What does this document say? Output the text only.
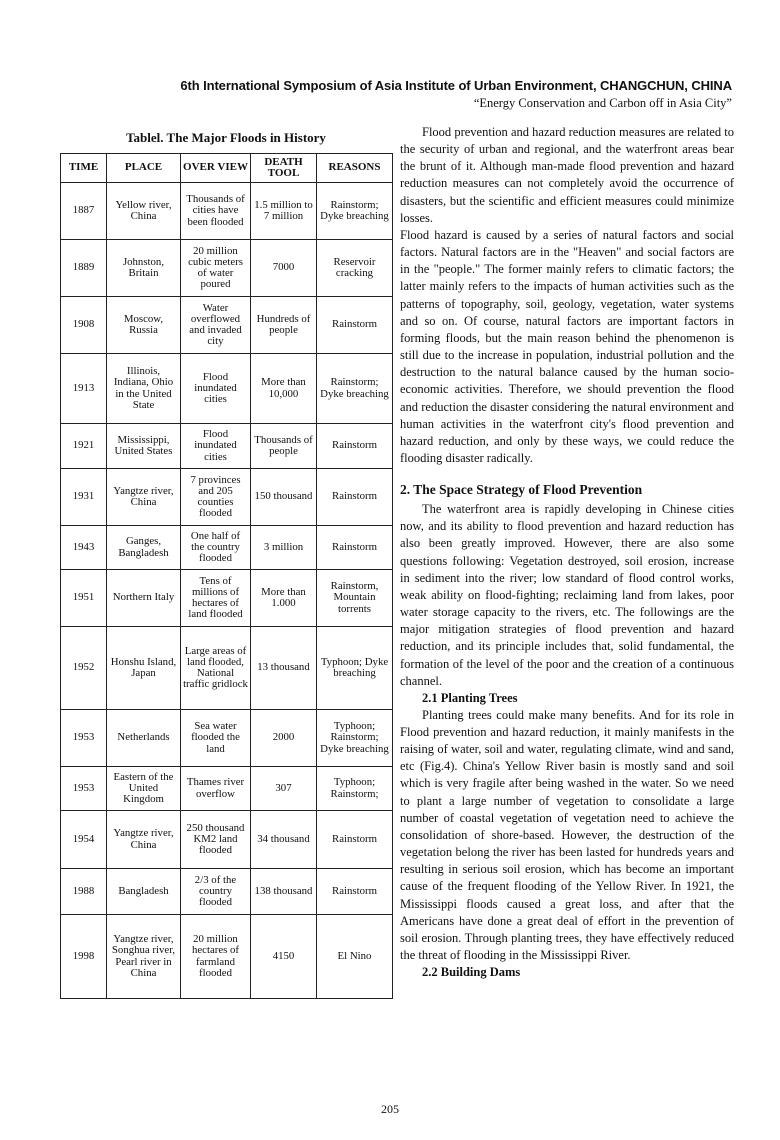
6th International Symposium of Asia Institute of Urban Environment, CHANGCHUN, CHINA
“Energy Conservation and Carbon off in Asia City”
Tablel. The Major Floods in History
TIME	PLACE	OVER VIEW	DEATH TOOL	REASONS
1887	Yellow river, China	Thousands of cities have been flooded	1.5 million to 7 million	Rainstorm; Dyke breaching
1889	Johnston, Britain	20 million cubic meters of water poured	7000	Reservoir cracking
1908	Moscow, Russia	Water overflowed and invaded city	Hundreds of people	Rainstorm
1913	Illinois, Indiana, Ohio in the United State	Flood inundated cities	More than 10,000	Rainstorm; Dyke breaching
1921	Mississippi, United States	Flood inundated cities	Thousands of people	Rainstorm
1931	Yangtze river, China	7 provinces and 205 counties flooded	150 thousand	Rainstorm
1943	Ganges, Bangladesh	One half of the country flooded	3 million	Rainstorm
1951	Northern Italy	Tens of millions of hectares of land flooded	More than 1.000	Rainstorm, Mountain torrents
1952	Honshu Island, Japan	Large areas of land flooded, National traffic gridlock	13 thousand	Typhoon; Dyke breaching
1953	Netherlands	Sea water flooded the land	2000	Typhoon; Rainstorm; Dyke breaching
1953	Eastern of the United Kingdom	Thames river overflow	307	Typhoon; Rainstorm;
1954	Yangtze river, China	250 thousand KM2 land flooded	34 thousand	Rainstorm
1988	Bangladesh	2/3 of the country flooded	138 thousand	Rainstorm
1998	Yangtze river, Songhua river, Pearl river in China	20 million hectares of farmland flooded	4150	El Nino

Flood prevention and hazard reduction measures are related to the security of urban and regional, and the waterfront areas bear the brunt of it. Although man-made flood prevention and hazard reduction measures can not completely avoid the occurrence of disasters, but the scientific and efficient measures could minimize losses.

Flood hazard is caused by a series of natural factors and social factors. Natural factors are in the "Heaven" and social factors are in the "people." The former mainly refers to climatic factors; the latter mainly refers to the impacts of human activities such as the patterns of topography, soil, geology, vegetation, water systems and so on. Of course, natural factors are important factors in forming floods, but the main reason behind the phenomenon is still due to the increase in population, industrial pollution and the destruction to the natural balance caused by the human socio-economic activities. Therefore, we should prevention the flood and reduction the disaster considering the natural environment and human activities in the waterfront city's flood prevention and hazard reduction, and only by these ways, we could reduce the flooding disaster radically.

2. The Space Strategy of Flood Prevention

The waterfront area is rapidly developing in Chinese cities now, and its ability to flood prevention and hazard reduction has also been greatly improved. However, there are also some questions following: Vegetation destroyed, soil erosion, increase in sediment into the river; low standard of flood control works, weak ability on flood-fighting; reclaiming land from lakes, poor water storage capacity to the rivers, etc. The followings are the major mitigation strategies of flood prevention and hazard reduction, and its principle includes that, solid fundamental, the formation of the level of the poor and the creation of a continuous channel.

2.1 Planting Trees

Planting trees could make many benefits. And for its role in Flood prevention and hazard reduction, it mainly manifests in the raising of water, soil and water, regulating climate, wind and sand, etc (Fig.4). China's Yellow River basin is mostly sand and soil which is very fragile after being washed in the water. So we need to plant a large number of vegetation to consolidate a large number of coastal vegetation of vegetation need to achieve the consolidation of shore-based. However, the destruction of the vegetation belong the river has been lasted for hundreds years and resulting in serious soil erosion, which has become an important cause of the frequent flooding of the Yellow River. In 1921, the Mississippi floods caused a great loss, and after that the Americans have done a great deal of effort in the prevention of soil erosion. Through planting trees, they have effectively reduced the threat of flooding in the Mississippi River.

2.2 Building Dams
205
